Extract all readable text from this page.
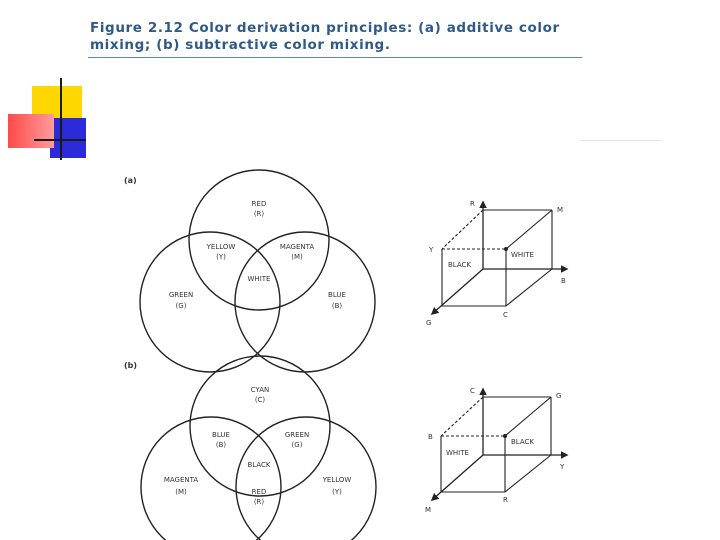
Figure 2.12 Color derivation principles: (a) additive color
mixing; (b) subtractive color mixing.
(a)
RED
(R)
YELLOW
(Y)
MAGENTA
(M)
WHITE
GREEN
(G)
BLUE
(B)
R
M
Y
WHITE
BLACK
B
C
G
(b)
CYAN
(C)
BLUE
(B)
GREEN
(G)
BLACK
MAGENTA
(M)
YELLOW
(Y)
RED
(R)
C
G
B
BLACK
WHITE
Y
R
M
